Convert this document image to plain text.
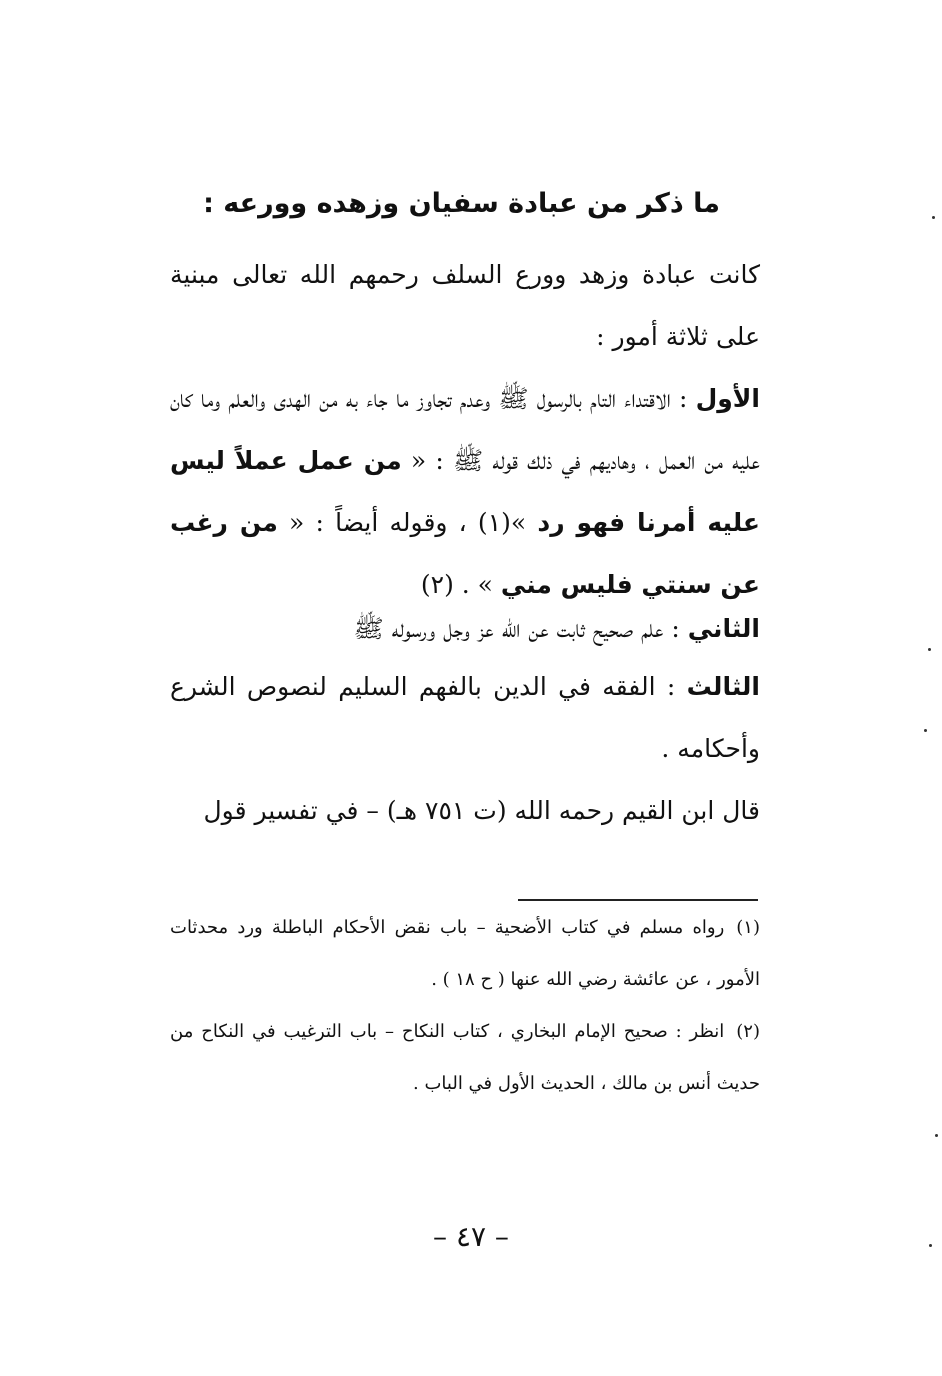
ما ذكر من عبادة سفيان وزهده وورعه :
كانت عبادة وزهد وورع السلف رحمهم الله تعالى مبنية على ثلاثة أمور :
الأول : الاقتداء التام بالرسول ﷺ وعدم تجاوز ما جاء به من الهدى والعلم وما كان عليه من العمل ، وهاديهم في ذلك قوله ﷺ : « من عمل عملاً ليس عليه أمرنا فهو رد »(١) ، وقوله أيضاً : « من رغب عن سنتي فليس مني » . (٢)
الثاني : علم صحيح ثابت عن الله عز وجل ورسوله ﷺ
الثالث : الفقه في الدين بالفهم السليم لنصوص الشرع وأحكامه .
قال ابن القيم رحمه الله (ت ٧٥١ هـ) – في تفسير قول
(١)رواه مسلم في كتاب الأضحية – باب نقض الأحكام الباطلة ورد محدثات الأمور ، عن عائشة رضي الله عنها ( ح ١٨ ) .
(٢)انظر : صحيح الإمام البخاري ، كتاب النكاح – باب الترغيب في النكاح من حديث أنس بن مالك ، الحديث الأول في الباب .
– ٤٧ –
